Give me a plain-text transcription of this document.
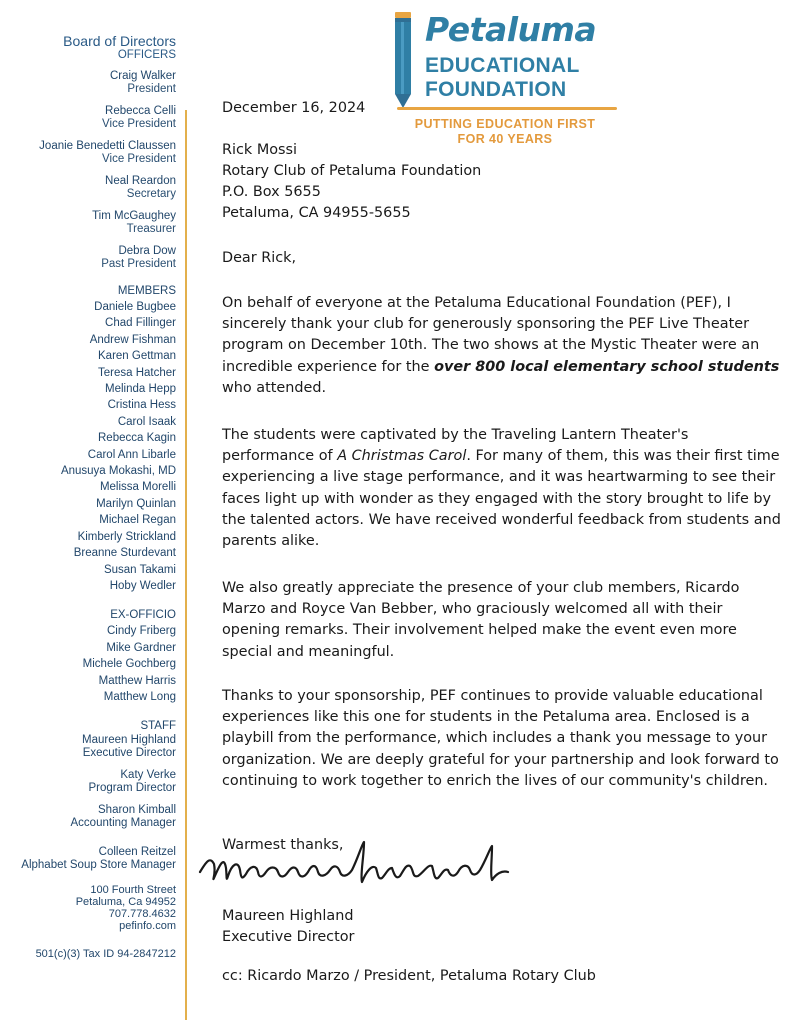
Board of Directors
OFFICERS
Craig Walker
President
Rebecca Celli
Vice President
Joanie Benedetti Claussen
Vice President
Neal Reardon
Secretary
Tim McGaughey
Treasurer
Debra Dow
Past President
MEMBERS
Daniele Bugbee
Chad Fillinger
Andrew Fishman
Karen Gettman
Teresa Hatcher
Melinda Hepp
Cristina Hess
Carol Isaak
Rebecca Kagin
Carol Ann Libarle
Anusuya Mokashi, MD
Melissa Morelli
Marilyn Quinlan
Michael Regan
Kimberly Strickland
Breanne Sturdevant
Susan Takami
Hoby Wedler
EX-OFFICIO
Cindy Friberg
Mike Gardner
Michele Gochberg
Matthew Harris
Matthew Long
STAFF
Maureen Highland
Executive Director
Katy Verke
Program Director
Sharon Kimball
Accounting Manager
Colleen Reitzel
Alphabet Soup Store Manager
100 Fourth Street
Petaluma, Ca 94952
707.778.4632
pefinfo.com
501(c)(3) Tax ID 94-2847212
Petaluma
EDUCATIONAL
FOUNDATION
PUTTING EDUCATION FIRST
FOR 40 YEARS
December 16, 2024
Rick Mossi
Rotary Club of Petaluma Foundation
P.O. Box 5655
Petaluma, CA 94955-5655
Dear Rick,

On behalf of everyone at the Petaluma Educational Foundation (PEF), I sincerely thank your club for generously sponsoring the PEF Live Theater program on December 10th. The two shows at the Mystic Theater were an incredible experience for the over 800 local elementary school students who attended.

The students were captivated by the Traveling Lantern Theater's performance of A Christmas Carol. For many of them, this was their first time experiencing a live stage performance, and it was heartwarming to see their faces light up with wonder as they engaged with the story brought to life by the talented actors. We have received wonderful feedback from students and parents alike.

We also greatly appreciate the presence of your club members, Ricardo Marzo and Royce Van Bebber, who graciously welcomed all with their opening remarks. Their involvement helped make the event even more special and meaningful.

Thanks to your sponsorship, PEF continues to provide valuable educational experiences like this one for students in the Petaluma area. Enclosed is a playbill from the performance, which includes a thank you message to your organization. We are deeply grateful for your partnership and look forward to continuing to work together to enrich the lives of our community's children.

Warmest thanks,
Maureen Highland
Executive Director
cc: Ricardo Marzo / President, Petaluma Rotary Club
